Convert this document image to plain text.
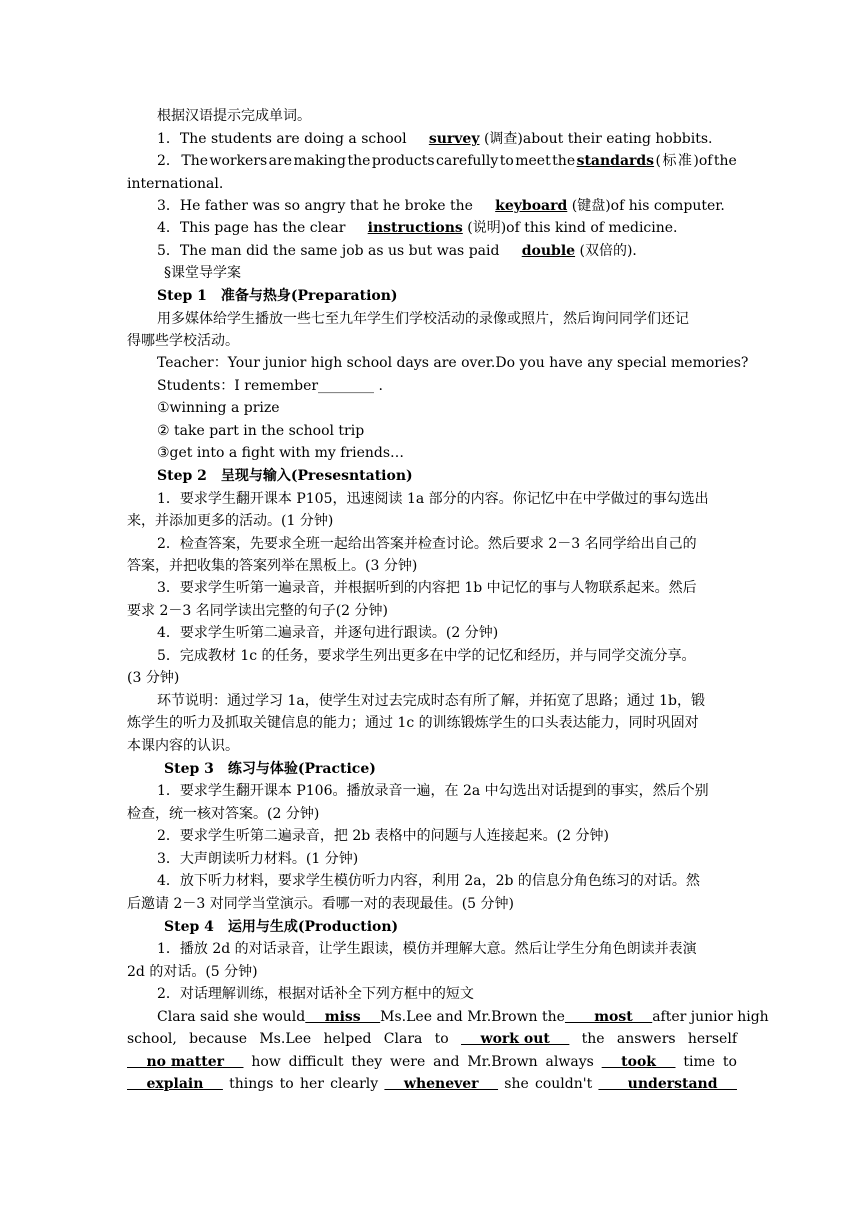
根据汉语提示完成单词。
1．The students are doing a school survey (调查)about their eating hobbits.
2． The workers are making the products carefully to meet the standards ( 标 准 )of the
international.
3．He father was so angry that he broke the keyboard (键盘)of his computer.
4．This page has the clear instructions (说明)of this kind of medicine.
5．The man did the same job as us but was paid double (双倍的)．
§课堂导学案
Step 1　准备与热身(Preparation)
用多媒体给学生播放一些七至九年学生们学校活动的录像或照片，然后询问同学们还记
得哪些学校活动。
Teacher：Your junior high school days are over.Do you have any special memories?
Students：I remember________ .
①winning a prize
② take part in the school trip
③get into a fight with my friends…
Step 2　呈现与输入(Presesntation)
1．要求学生翻开课本 P105，迅速阅读 1a 部分的内容。你记忆中在中学做过的事勾选出
来，并添加更多的活动。(1 分钟)
2．检查答案，先要求全班一起给出答案并检查讨论。然后要求 2－3 名同学给出自己的
答案，并把收集的答案列举在黑板上。(3 分钟)
3．要求学生听第一遍录音，并根据听到的内容把 1b 中记忆的事与人物联系起来。然后
要求 2－3 名同学读出完整的句子(2 分钟)
4．要求学生听第二遍录音，并逐句进行跟读。(2 分钟)
5．完成教材 1c 的任务，要求学生列出更多在中学的记忆和经历，并与同学交流分享。
(3 分钟)
环节说明：通过学习 1a，使学生对过去完成时态有所了解，并拓宽了思路；通过 1b，锻
炼学生的听力及抓取关键信息的能力；通过 1c 的训练锻炼学生的口头表达能力，同时巩固对
本课内容的认识。
Step 3　练习与体验(Practice)
1．要求学生翻开课本 P106。播放录音一遍，在 2a 中勾选出对话提到的事实，然后个别
检查，统一核对答案。(2 分钟)
2．要求学生听第二遍录音，把 2b 表格中的问题与人连接起来。(2 分钟)
3．大声朗读听力材料。(1 分钟)
4．放下听力材料，要求学生模仿听力内容，利用 2a，2b 的信息分角色练习的对话。然
后邀请 2－3 对同学当堂演示。看哪一对的表现最佳。(5 分钟)
Step 4　运用与生成(Production)
1．播放 2d 的对话录音，让学生跟读，模仿并理解大意。然后让学生分角色朗读并表演
2d 的对话。(5 分钟)
2．对话理解训练，根据对话补全下列方框中的短文
Clara said she would miss Ms.Lee and Mr.Brown the most after junior high
school, because Ms.Lee helped Clara to work out the answers herself
no matter how difficult they were and Mr.Brown always took time to
explain things to her clearly whenever she couldn't understand
